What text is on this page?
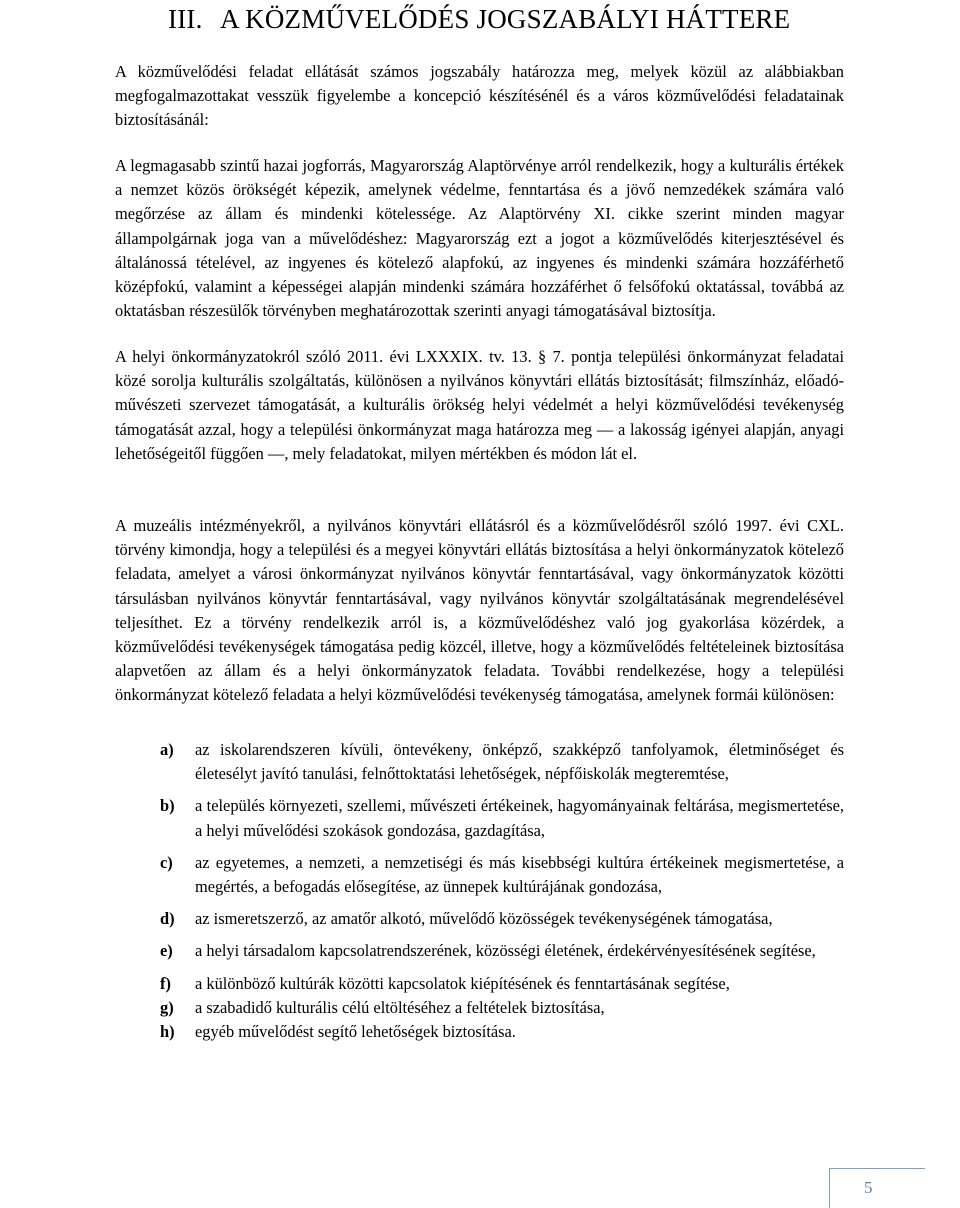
III. A KÖZMŰVELŐDÉS JOGSZABÁLYI HÁTTERE

A közművelődési feladat ellátását számos jogszabály határozza meg, melyek közül az alábbiakban megfogalmazottakat vesszük figyelembe a koncepció készítésénél és a város közművelődési feladatainak biztosításánál:

A legmagasabb szintű hazai jogforrás, Magyarország Alaptörvénye arról rendelkezik, hogy a kulturális értékek a nemzet közös örökségét képezik, amelynek védelme, fenntartása és a jövő nemzedékek számára való megőrzése az állam és mindenki kötelessége. Az Alaptörvény XI. cikke szerint minden magyar állampolgárnak joga van a művelődéshez: Magyarország ezt a jogot a közművelődés kiterjesztésével és általánossá tételével, az ingyenes és kötelező alapfokú, az ingyenes és mindenki számára hozzáférhető középfokú, valamint a képességei alapján mindenki számára hozzáférhet ő felsőfokú oktatással, továbbá az oktatásban részesülők törvényben meghatározottak szerinti anyagi támogatásával biztosítja.

A helyi önkormányzatokról szóló 2011. évi LXXXIX. tv. 13. § 7. pontja települési önkormányzat feladatai közé sorolja kulturális szolgáltatás, különösen a nyilvános könyvtári ellátás biztosítását; filmszínház, előadó-művészeti szervezet támogatását, a kulturális örökség helyi védelmét a helyi közművelődési tevékenység támogatását azzal, hogy a települési önkormányzat maga határozza meg — a lakosság igényei alapján, anyagi lehetőségeitől függően —, mely feladatokat, milyen mértékben és módon lát el.

A muzeális intézményekről, a nyilvános könyvtári ellátásról és a közművelődésről szóló 1997. évi CXL. törvény kimondja, hogy a települési és a megyei könyvtári ellátás biztosítása a helyi önkormányzatok kötelező feladata, amelyet a városi önkormányzat nyilvános könyvtár fenntartásával, vagy önkormányzatok közötti társulásban nyilvános könyvtár fenntartásával, vagy nyilvános könyvtár szolgáltatásának megrendelésével teljesíthet. Ez a törvény rendelkezik arról is, a közművelődéshez való jog gyakorlása közérdek, a közművelődési tevékenységek támogatása pedig közcél, illetve, hogy a közművelődés feltételeinek biztosítása alapvetően az állam és a helyi önkormányzatok feladata. További rendelkezése, hogy a települési önkormányzat kötelező feladata a helyi közművelődési tevékenység támogatása, amelynek formái különösen:

a) az iskolarendszeren kívüli, öntevékeny, önképző, szakképző tanfolyamok, életminőséget és életesélyt javító tanulási, felnőttoktatási lehetőségek, népfőiskolák megteremtése,
b) a település környezeti, szellemi, művészeti értékeinek, hagyományainak feltárása, megismertetése, a helyi művelődési szokások gondozása, gazdagítása,
c) az egyetemes, a nemzeti, a nemzetiségi és más kisebbségi kultúra értékeinek megismertetése, a megértés, a befogadás elősegítése, az ünnepek kultúrájának gondozása,
d) az ismeretszerző, az amatőr alkotó, művelődő közösségek tevékenységének támogatása,
e) a helyi társadalom kapcsolatrendszerének, közösségi életének, érdekérvényesítésének segítése,
f) a különböző kultúrák közötti kapcsolatok kiépítésének és fenntartásának segítése,
g) a szabadidő kulturális célú eltöltéséhez a feltételek biztosítása,
h) egyéb művelődést segítő lehetőségek biztosítása.
5
